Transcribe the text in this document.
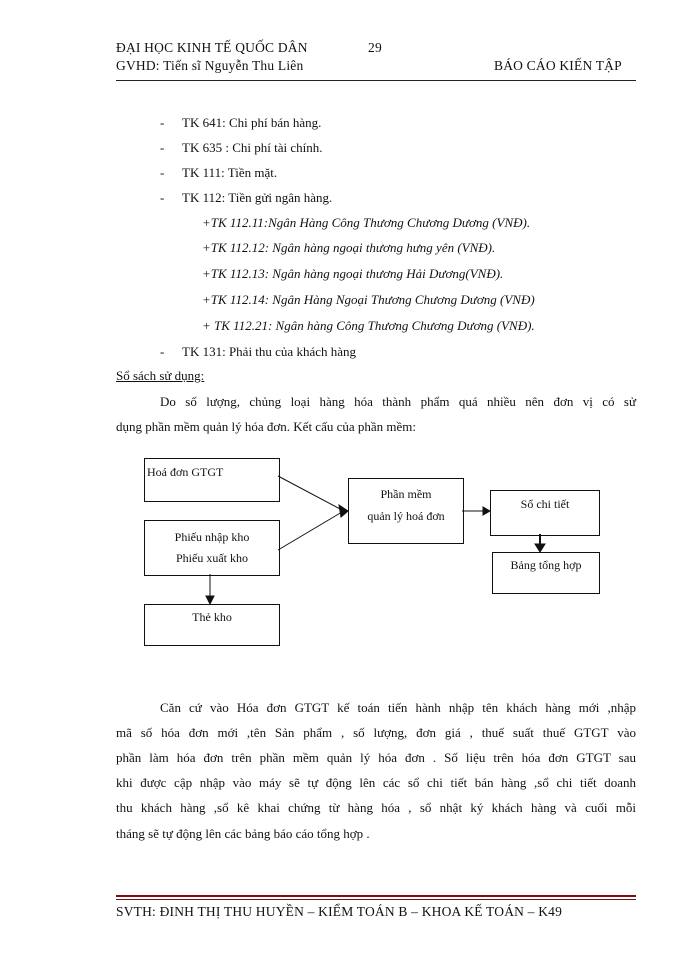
ĐẠI HỌC KINH TẾ QUỐC DÂN	29
GVHD: Tiến sĩ Nguyễn Thu Liên	BÁO CÁO KIẾN TẬP
- TK 641: Chi phí bán hàng.
- TK 635 : Chi phí tài chính.
- TK 111: Tiền mặt.
- TK 112: Tiền gửi ngân hàng.
+TK 112.11:Ngân Hàng Công Thương Chương Dương (VNĐ).
+TK 112.12: Ngân hàng ngoại thương hưng yên (VNĐ).
+TK 112.13: Ngân hàng ngoại thương Hải Dương(VNĐ).
+TK 112.14: Ngân Hàng Ngoại Thương Chương Dương (VNĐ)
+ TK 112.21: Ngân hàng Công Thương Chương Dương (VNĐ).
- TK 131: Phải thu của khách hàng
Sổ sách sử dụng:
Do số lượng, chủng loại hàng hóa thành phẩm quá nhiều nên đơn vị có sử
dụng phần mềm quản lý hóa đơn. Kết cấu của phần mềm:
Hoá đơn GTGT
Phiếu nhập kho
Phiếu xuất kho
Thẻ kho
Phần mềm
quản lý hoá đơn
Sổ chi tiết
Bảng tổng hợp
Căn cứ vào Hóa đơn GTGT kế toán tiến hành nhập tên khách hàng mới ,nhập
mã số hóa đơn mới ,tên Sản phẩm , số lượng, đơn giá , thuế suất thuế GTGT vào
phần làm hóa đơn trên phần mềm quản lý hóa đơn . Số liệu trên hóa đơn GTGT sau
khi được cập nhập vào máy sẽ tự động lên các sổ chi tiết bán hàng ,sổ chi tiết doanh
thu khách hàng ,sổ kê khai chứng từ hàng hóa , sổ nhật ký khách hàng và cuối mỗi
tháng sẽ tự động lên các bảng báo cáo tổng hợp .
SVTH: ĐINH THỊ THU HUYỀN – KIỂM TOÁN B – KHOA KẾ TOÁN – K49
